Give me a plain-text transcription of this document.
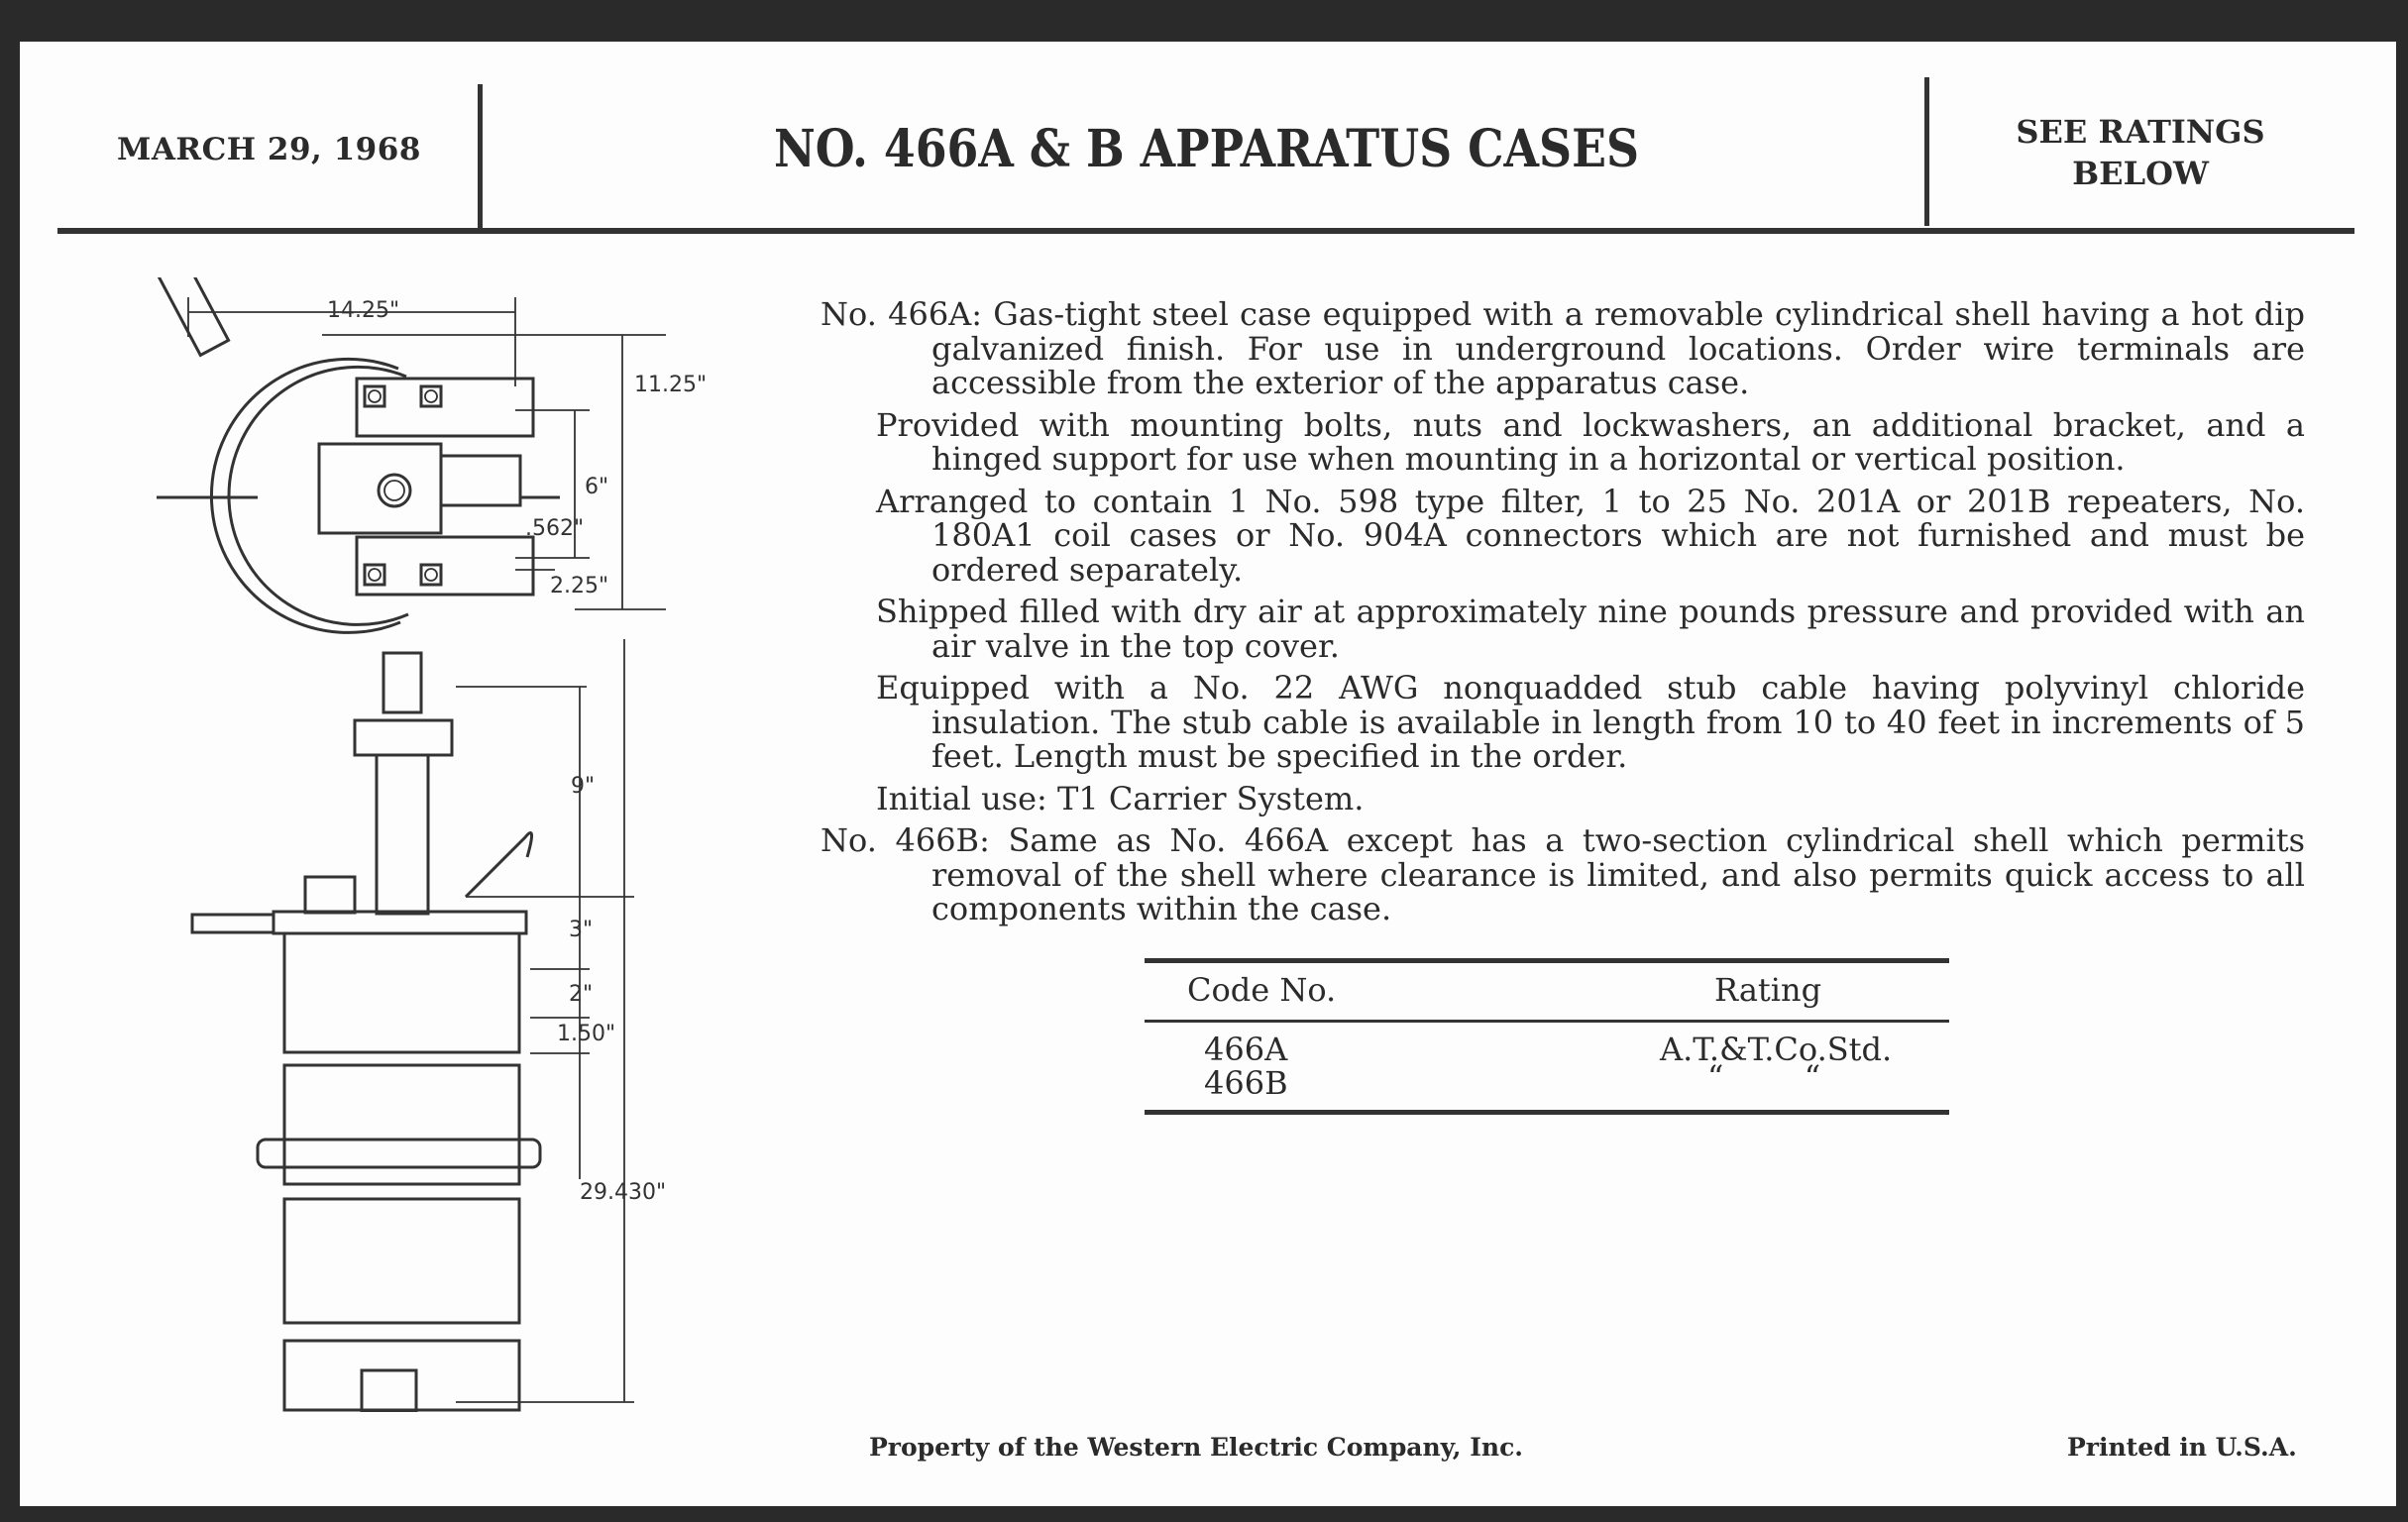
MARCH 29, 1968	NO. 466A & B APPARATUS CASES	SEE RATINGS
BELOW
14.25"
11.25"
6"
.562"
2.25"
9"
3"
2"
1.50"
29.430"

No. 466A: Gas-tight steel case equipped with a removable cylindrical shell having a hot dip galvanized finish. For use in underground locations. Order wire terminals are accessible from the exterior of the apparatus case.

Provided with mounting bolts, nuts and lockwashers, an additional bracket, and a hinged support for use when mounting in a horizontal or vertical position.

Arranged to contain 1 No. 598 type filter, 1 to 25 No. 201A or 201B repeaters, No. 180A1 coil cases or No. 904A connectors which are not furnished and must be ordered separately.

Shipped filled with dry air at approximately nine pounds pressure and provided with an air valve in the top cover.

Equipped with a No. 22 AWG nonquadded stub cable having polyvinyl chloride insulation. The stub cable is available in length from 10 to 40 feet in increments of 5 feet. Length must be specified in the order.

Initial use: T1 Carrier System.

No. 466B: Same as No. 466A except has a two-section cylindrical shell which permits removal of the shell where clearance is limited, and also permits quick access to all components within the case.

Code No.	Rating
466A	A.T.&T.Co.Std.
466B	“        “
Property of the Western Electric Company, Inc.	Printed in U.S.A.
